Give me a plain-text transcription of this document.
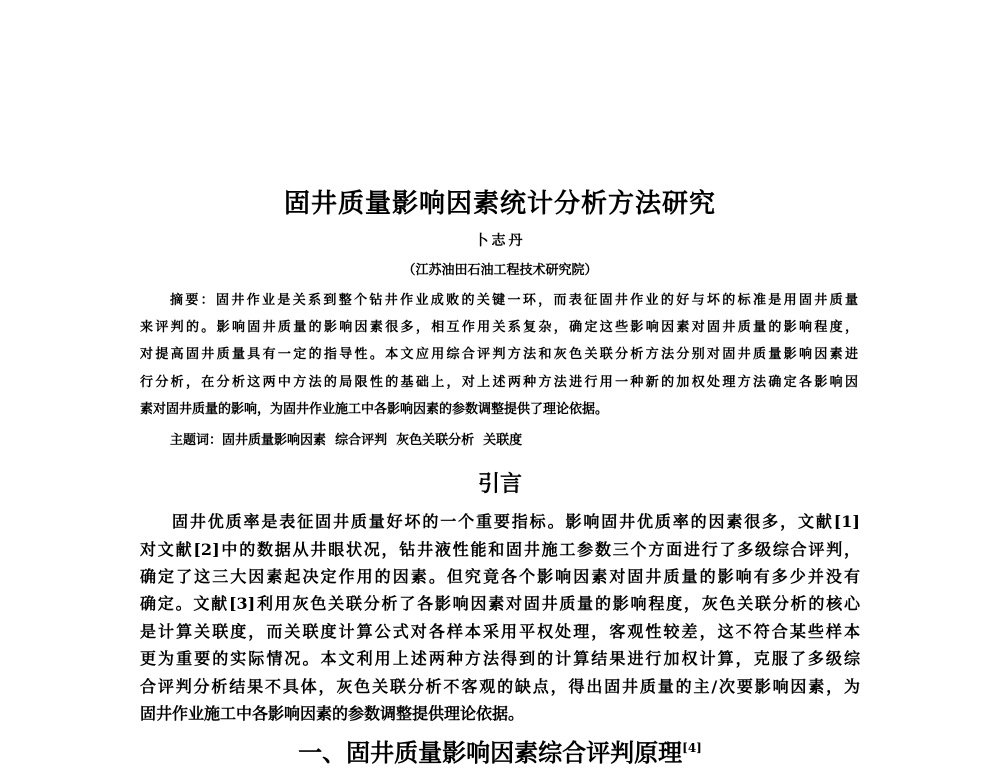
固井质量影响因素统计分析方法研究
卜志丹
（江苏油田石油工程技术研究院）
摘要：固井作业是关系到整个钻井作业成败的关键一环，而表征固井作业的好与坏的标准是用固井质量
来评判的。影响固井质量的影响因素很多，相互作用关系复杂，确定这些影响因素对固井质量的影响程度，
对提高固井质量具有一定的指导性。本文应用综合评判方法和灰色关联分析方法分别对固井质量影响因素进
行分析，在分析这两中方法的局限性的基础上，对上述两种方法进行用一种新的加权处理方法确定各影响因
素对固井质量的影响，为固井作业施工中各影响因素的参数调整提供了理论依据。
主题词：固井质量影响因素  综合评判  灰色关联分析  关联度
引言
固井优质率是表征固井质量好坏的一个重要指标。影响固井优质率的因素很多，文献[1]
对文献[2]中的数据从井眼状况，钻井液性能和固井施工参数三个方面进行了多级综合评判，
确定了这三大因素起决定作用的因素。但究竟各个影响因素对固井质量的影响有多少并没有
确定。文献[3]利用灰色关联分析了各影响因素对固井质量的影响程度，灰色关联分析的核心
是计算关联度，而关联度计算公式对各样本采用平权处理，客观性较差，这不符合某些样本
更为重要的实际情况。本文利用上述两种方法得到的计算结果进行加权计算，克服了多级综
合评判分析结果不具体，灰色关联分析不客观的缺点，得出固井质量的主/次要影响因素，为
固井作业施工中各影响因素的参数调整提供理论依据。
一、固井质量影响因素综合评判原理[4]
